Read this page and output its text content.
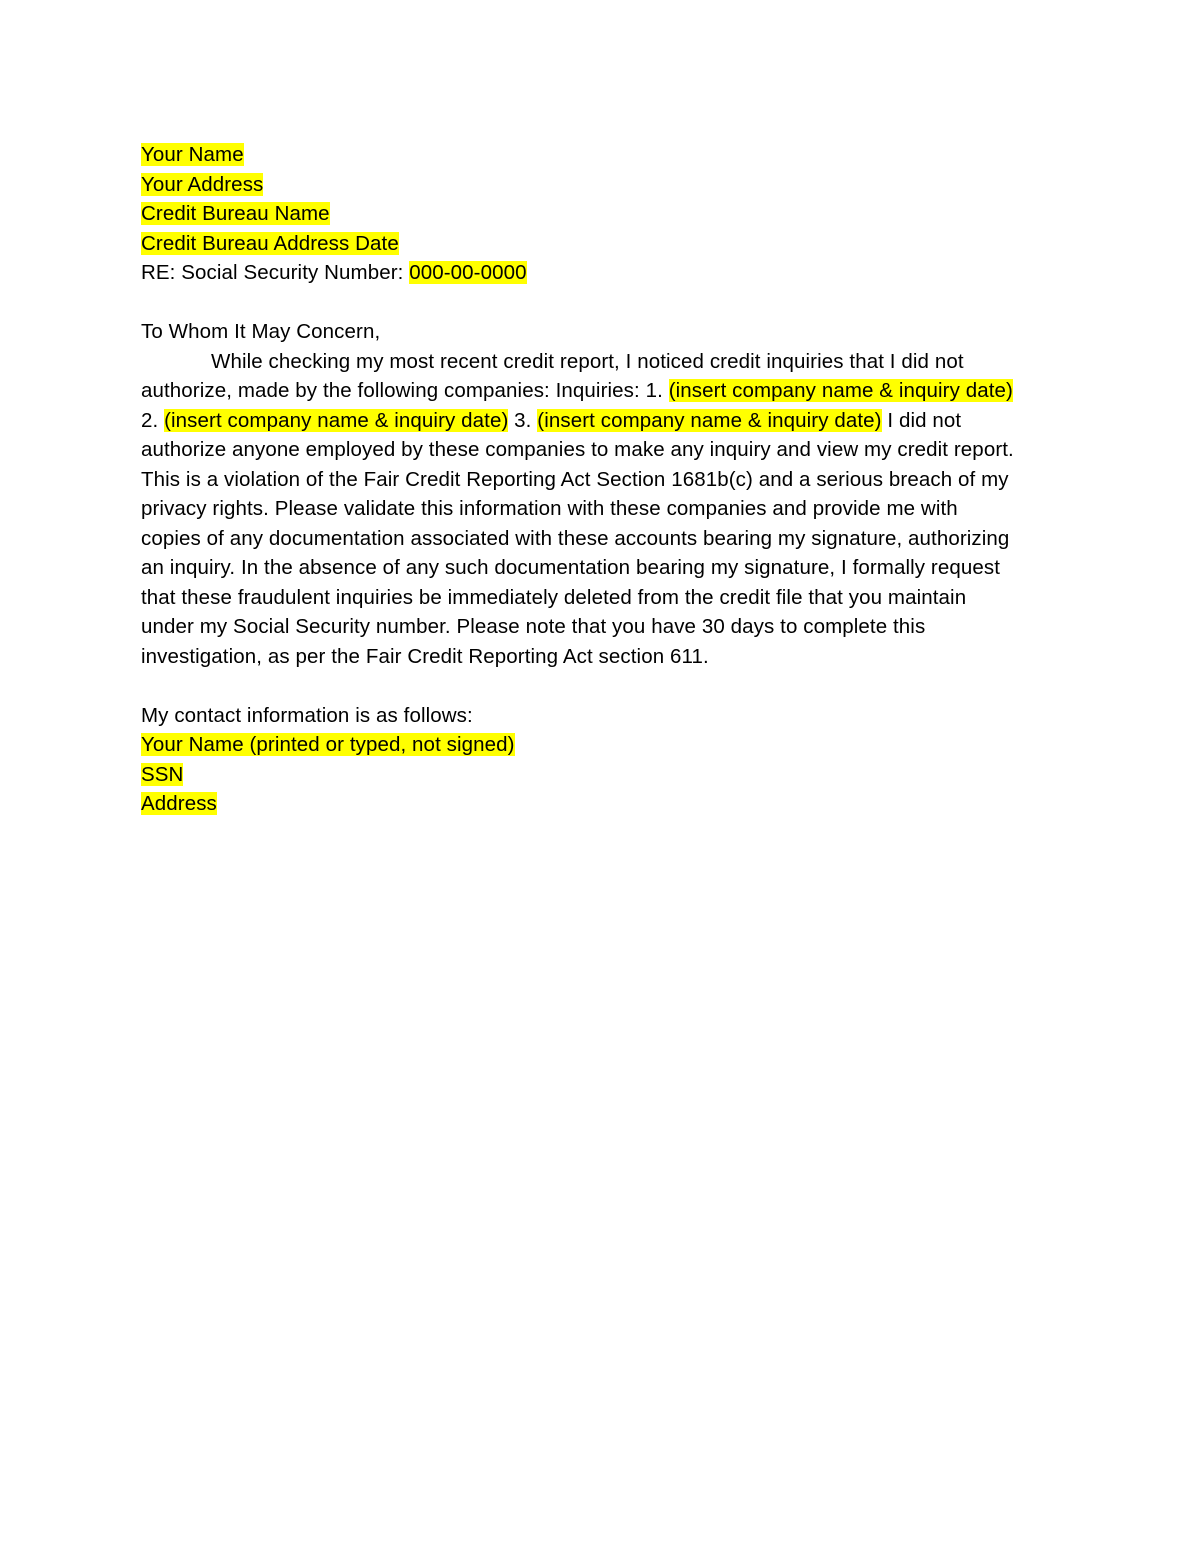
Your Name
Your Address
Credit Bureau Name
Credit Bureau Address Date
RE: Social Security Number: 000-00-0000
To Whom It May Concern,
While checking my most recent credit report, I noticed credit inquiries that I did not
authorize, made by the following companies: Inquiries: 1. (insert company name & inquiry date)
2. (insert company name & inquiry date) 3. (insert company name & inquiry date) I did not
authorize anyone employed by these companies to make any inquiry and view my credit report.
This is a violation of the Fair Credit Reporting Act Section 1681b(c) and a serious breach of my
privacy rights. Please validate this information with these companies and provide me with
copies of any documentation associated with these accounts bearing my signature, authorizing
an inquiry. In the absence of any such documentation bearing my signature, I formally request
that these fraudulent inquiries be immediately deleted from the credit file that you maintain
under my Social Security number. Please note that you have 30 days to complete this
investigation, as per the Fair Credit Reporting Act section 611.
My contact information is as follows:
Your Name (printed or typed, not signed)
SSN
Address
